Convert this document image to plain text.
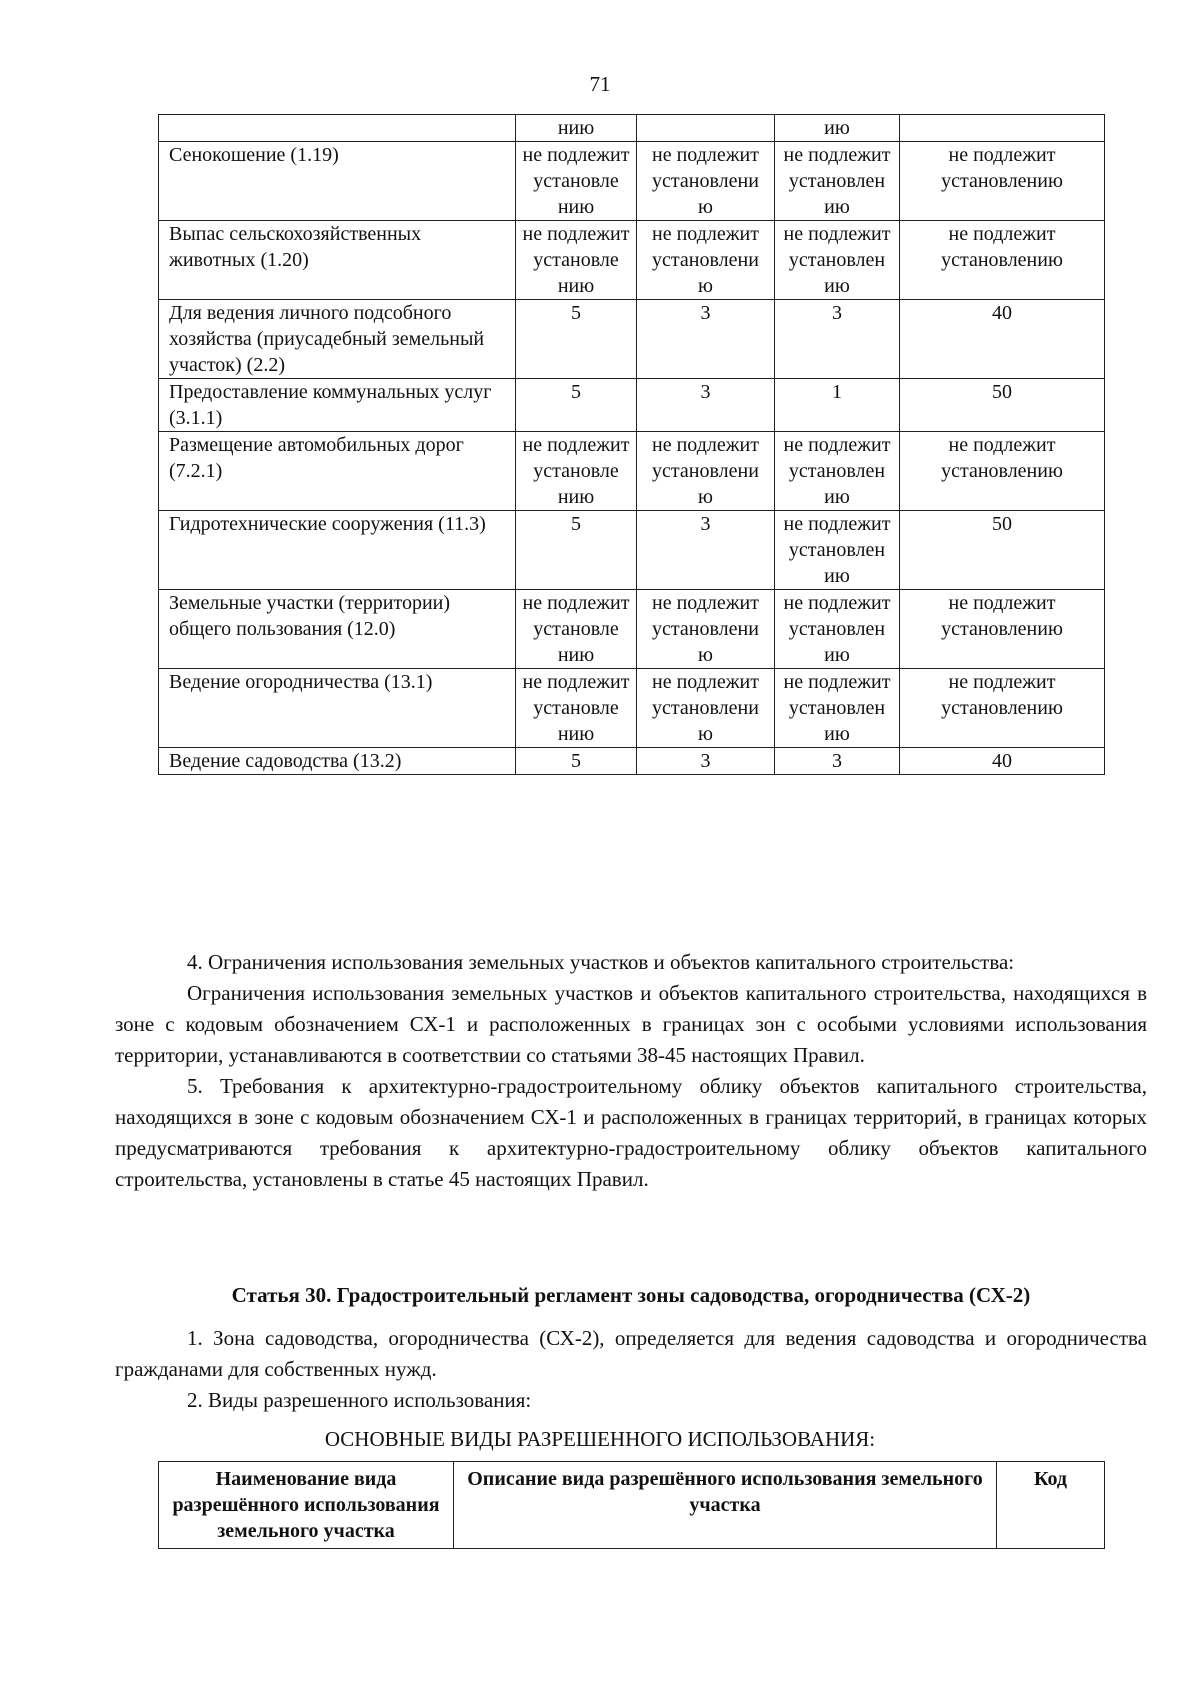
71
	нию		ию	
Сенокошение (1.19)	не подлежит установле нию	не подлежит установлени ю	не подлежит установлен ию	не подлежит установлению
Выпас сельскохозяйственных животных (1.20)	не подлежит установле нию	не подлежит установлени ю	не подлежит установлен ию	не подлежит установлению
Для ведения личного подсобного хозяйства (приусадебный земельный участок) (2.2)	5	3	3	40
Предоставление коммунальных услуг (3.1.1)	5	3	1	50
Размещение автомобильных дорог (7.2.1)	не подлежит установле нию	не подлежит установлени ю	не подлежит установлен ию	не подлежит установлению
Гидротехнические сооружения (11.3)	5	3	не подлежит установлен ию	50
Земельные участки (территории) общего пользования (12.0)	не подлежит установле нию	не подлежит установлени ю	не подлежит установлен ию	не подлежит установлению
Ведение огородничества (13.1)	не подлежит установле нию	не подлежит установлени ю	не подлежит установлен ию	не подлежит установлению
Ведение садоводства (13.2)	5	3	3	40

4. Ограничения использования земельных участков и объектов капитального строительства:

Ограничения использования земельных участков и объектов капитального строительства, находящихся в зоне с кодовым обозначением СХ-1 и расположенных в границах зон с особыми условиями использования территории, устанавливаются в соответствии со статьями 38-45 настоящих Правил.

5. Требования к архитектурно-градостроительному облику объектов капитального строительства, находящихся в зоне с кодовым обозначением СХ-1 и расположенных в границах территорий, в границах которых предусматриваются требования к архитектурно-градостроительному облику объектов капитального строительства, установлены в статье 45 настоящих Правил.

Статья 30. Градостроительный регламент зоны садоводства, огородничества (СХ-2)

1. Зона садоводства, огородничества (СХ-2), определяется для ведения садоводства и огородничества гражданами для собственных нужд.

2. Виды разрешенного использования:

ОСНОВНЫЕ ВИДЫ РАЗРЕШЕННОГО ИСПОЛЬЗОВАНИЯ:
Наименование вида разрешённого использования земельного участка	Описание вида разрешённого использования земельного участка	Код
